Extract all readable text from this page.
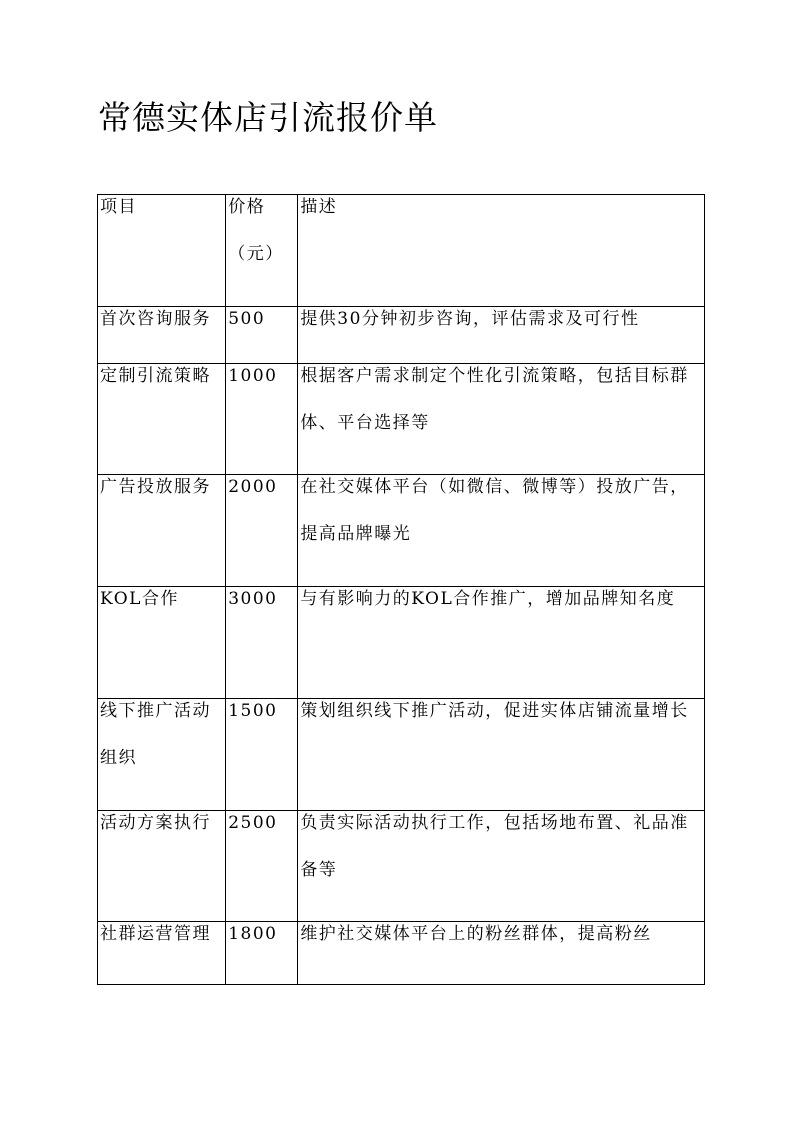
常德实体店引流报价单
项目	价格（元）	描述

首次咨询服务	500	提供30分钟初步咨询，评估需求及可行性

定制引流策略	1000	根据客户需求制定个性化引流策略，包括目标群体、平台选择等

广告投放服务	2000	在社交媒体平台（如微信、微博等）投放广告，提高品牌曝光

KOL合作	3000	与有影响力的KOL合作推广，增加品牌知名度

线下推广活动组织	1500	策划组织线下推广活动，促进实体店铺流量增长

活动方案执行	2500	负责实际活动执行工作，包括场地布置、礼品准备等

社群运营管理	1800	维护社交媒体平台上的粉丝群体，提高粉丝
